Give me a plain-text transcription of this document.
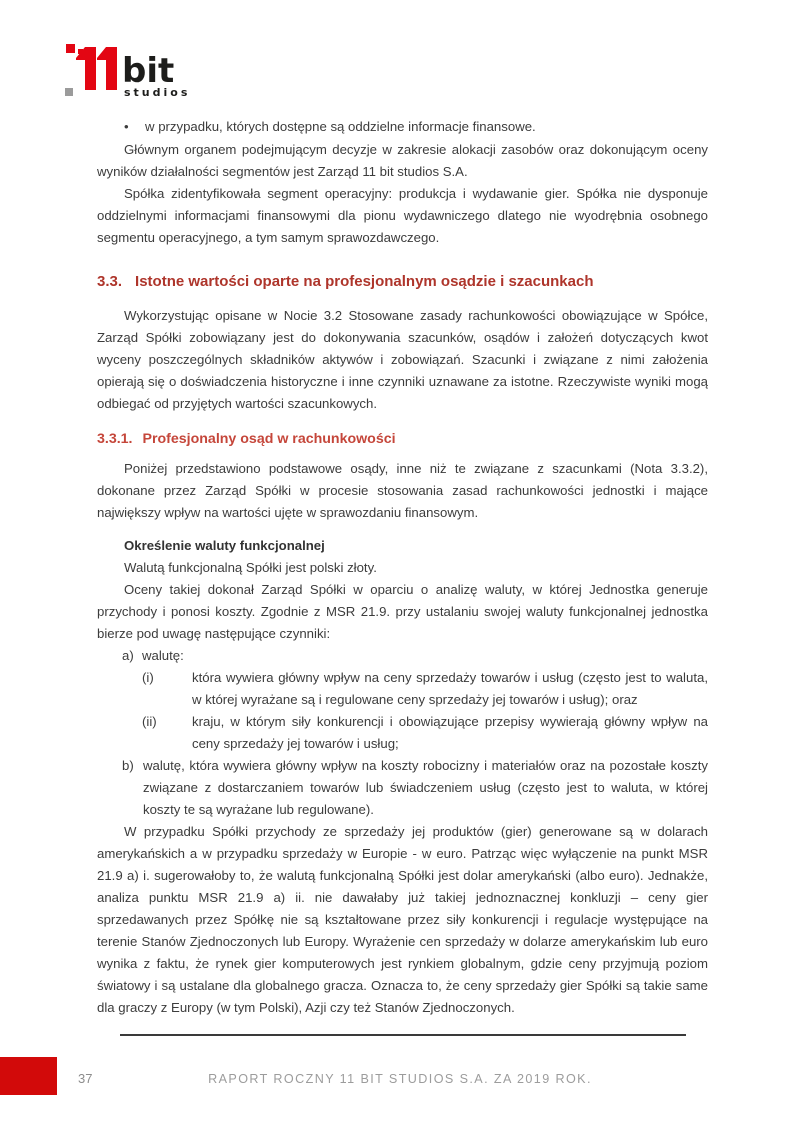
bit
studios
•	w przypadku, których dostępne są oddzielne informacje finansowe.

Głównym organem podejmującym decyzje w zakresie alokacji zasobów oraz dokonującym oceny wyników działalności segmentów jest Zarząd 11 bit studios S.A.

Spółka zidentyfikowała segment operacyjny: produkcja i wydawanie gier. Spółka nie dysponuje oddzielnymi informacjami finansowymi dla pionu wydawniczego dlatego nie wyodrębnia osobnego segmentu operacyjnego, a tym samym sprawozdawczego.

3.3. Istotne wartości oparte na profesjonalnym osądzie i szacunkach

Wykorzystując opisane w Nocie 3.2 Stosowane zasady rachunkowości obowiązujące w Spółce, Zarząd Spółki zobowiązany jest do dokonywania szacunków, osądów i założeń dotyczących kwot wyceny poszczególnych składników aktywów i zobowiązań. Szacunki i związane z nimi założenia opierają się o doświadczenia historyczne i inne czynniki uznawane za istotne. Rzeczywiste wyniki mogą odbiegać od przyjętych wartości szacunkowych.

3.3.1. Profesjonalny osąd w rachunkowości

Poniżej przedstawiono podstawowe osądy, inne niż te związane z szacunkami (Nota 3.3.2), dokonane przez Zarząd Spółki w procesie stosowania zasad rachunkowości jednostki i mające największy wpływ na wartości ujęte w sprawozdaniu finansowym.

Określenie waluty funkcjonalnej

Walutą funkcjonalną Spółki jest polski złoty.

Oceny takiej dokonał Zarząd Spółki w oparciu o analizę waluty, w której Jednostka generuje przychody i ponosi koszty. Zgodnie z MSR 21.9. przy ustalaniu swojej waluty funkcjonalnej jednostka bierze pod uwagę następujące czynniki:

a) walutę:
(i)	która wywiera główny wpływ na ceny sprzedaży towarów i usług (często jest to waluta, w której wyrażane są i regulowane ceny sprzedaży jej towarów i usług); oraz
(ii)	kraju, w którym siły konkurencji i obowiązujące przepisy wywierają główny wpływ na ceny sprzedaży jej towarów i usług;
b) walutę, która wywiera główny wpływ na koszty robocizny i materiałów oraz na pozostałe koszty związane z dostarczaniem towarów lub świadczeniem usług (często jest to waluta, w której koszty te są wyrażane lub regulowane).

W przypadku Spółki przychody ze sprzedaży jej produktów (gier) generowane są w dolarach amerykańskich a w przypadku sprzedaży w Europie - w euro. Patrząc więc wyłączenie na punkt MSR 21.9 a) i. sugerowałoby to, że walutą funkcjonalną Spółki jest dolar amerykański (albo euro). Jednakże, analiza punktu MSR 21.9 a) ii. nie dawałaby już takiej jednoznacznej konkluzji – ceny gier sprzedawanych przez Spółkę nie są kształtowane przez siły konkurencji i regulacje występujące na terenie Stanów Zjednoczonych lub Europy. Wyrażenie cen sprzedaży w dolarze amerykańskim lub euro wynika z faktu, że rynek gier komputerowych jest rynkiem globalnym, gdzie ceny przyjmują poziom światowy i są ustalane dla globalnego gracza. Oznacza to, że ceny sprzedaży gier Spółki są takie same dla graczy z Europy (w tym Polski), Azji czy też Stanów Zjednoczonych.

37	RAPORT ROCZNY 11 BIT STUDIOS S.A. ZA 2019 ROK.
